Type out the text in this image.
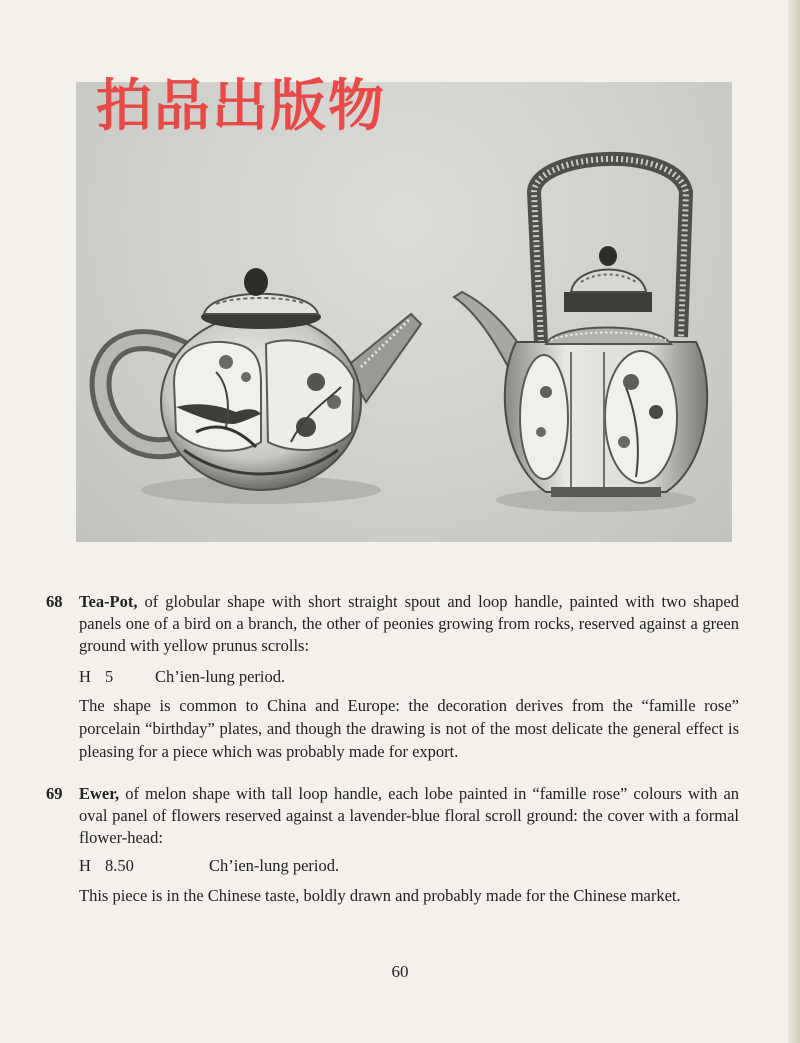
拍品出版物
68 Tea-Pot, of globular shape with short straight spout and loop handle, painted with two shaped panels one of a bird on a branch, the other of peonies growing from rocks, reserved against a green ground with yellow prunus scrolls:
H 5	Ch’ien-lung period.
The shape is common to China and Europe: the decoration derives from the “famille rose” porcelain “birthday” plates, and though the drawing is not of the most delicate the general effect is pleasing for a piece which was probably made for export.
69 Ewer, of melon shape with tall loop handle, each lobe painted in “famille rose” colours with an oval panel of flowers reserved against a lavender-blue floral scroll ground: the cover with a formal flower-head:
H 8.50	Ch’ien-lung period.
This piece is in the Chinese taste, boldly drawn and probably made for the Chinese market.
60
